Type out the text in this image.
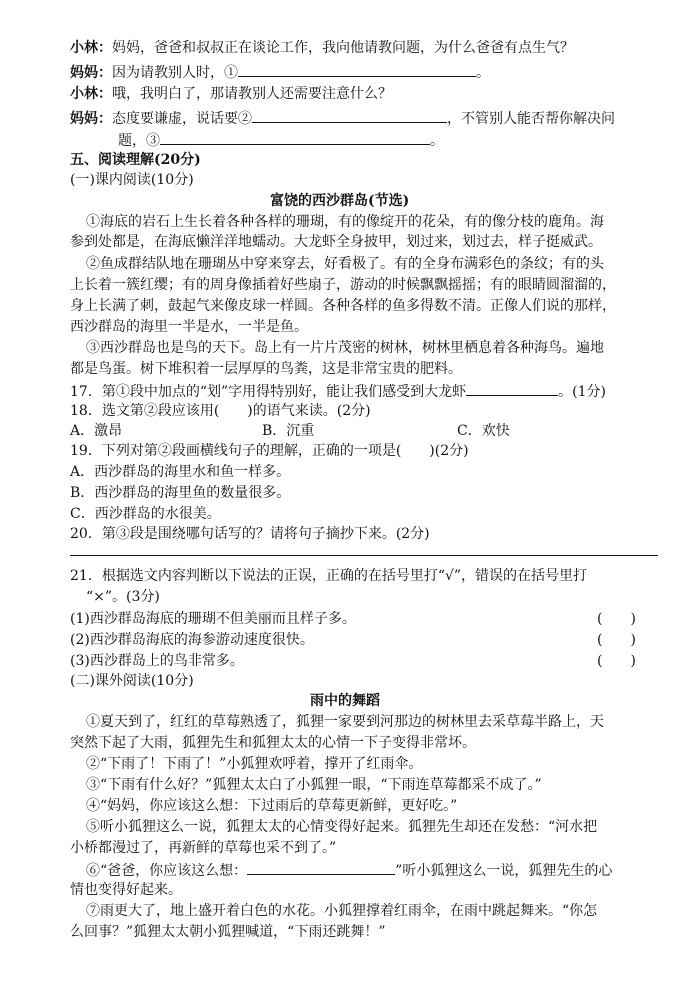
小林：妈妈，爸爸和叔叔正在谈论工作，我向他请教问题，为什么爸爸有点生气？
妈妈：因为请教别人时，①	。
小林：哦，我明白了，那请教别人还需要注意什么？
妈妈：态度要谦虚，说话要②	，不管别人能否帮你解决问
题，③	。
五、阅读理解(20分)
(一)课内阅读(10分)
富饶的西沙群岛(节选)
①海底的岩石上生长着各种各样的珊瑚，有的像绽开的花朵，有的像分枝的鹿角。海
参到处都是，在海底懒洋洋地蠕动。大龙虾全身披甲，划过来，划过去，样子挺威武。
②鱼成群结队地在珊瑚丛中穿来穿去，好看极了。有的全身布满彩色的条纹；有的头
上长着一簇红缨；有的周身像插着好些扇子，游动的时候飘飘摇摇；有的眼睛圆溜溜的，
身上长满了刺，鼓起气来像皮球一样圆。各种各样的鱼多得数不清。正像人们说的那样，
西沙群岛的海里一半是水，一半是鱼。
③西沙群岛也是鸟的天下。岛上有一片片茂密的树林，树林里栖息着各种海鸟。遍地
都是鸟蛋。树下堆积着一层厚厚的鸟粪，这是非常宝贵的肥料。
17．第①段中加点的“划”字用得特别好，能让我们感受到大龙虾	。(1分)
18．选文第②段应该用(　　)的语气来读。(2分)
A．激昂	B．沉重	C．欢快
19．下列对第②段画横线句子的理解，正确的一项是(　　)(2分)
A．西沙群岛的海里水和鱼一样多。
B．西沙群岛的海里鱼的数量很多。
C．西沙群岛的水很美。
20．第③段是围绕哪句话写的？请将句子摘抄下来。(2分)
21．根据选文内容判断以下说法的正误，正确的在括号里打“√”，错误的在括号里打
“×”。(3分)
(1)西沙群岛海底的珊瑚不但美丽而且样子多。	(　　)
(2)西沙群岛海底的海参游动速度很快。	(　　)
(3)西沙群岛上的鸟非常多。	(　　)
(二)课外阅读(10分)
雨中的舞蹈
①夏天到了，红红的草莓熟透了，狐狸一家要到河那边的树林里去采草莓半路上，天
突然下起了大雨，狐狸先生和狐狸太太的心情一下子变得非常坏。
②“下雨了！下雨了！”小狐狸欢呼着，撑开了红雨伞。
③“下雨有什么好？”狐狸太太白了小狐狸一眼，“下雨连草莓都采不成了。”
④“妈妈，你应该这么想：下过雨后的草莓更新鲜，更好吃。”
⑤听小狐狸这么一说，狐狸太太的心情变得好起来。狐狸先生却还在发愁：“河水把
小桥都漫过了，再新鲜的草莓也采不到了。”
⑥“爸爸，你应该这么想：	”听小狐狸这么一说，狐狸先生的心
情也变得好起来。
⑦雨更大了，地上盛开着白色的水花。小狐狸撑着红雨伞，在雨中跳起舞来。“你怎
么回事？”狐狸太太朝小狐狸喊道，“下雨还跳舞！”
